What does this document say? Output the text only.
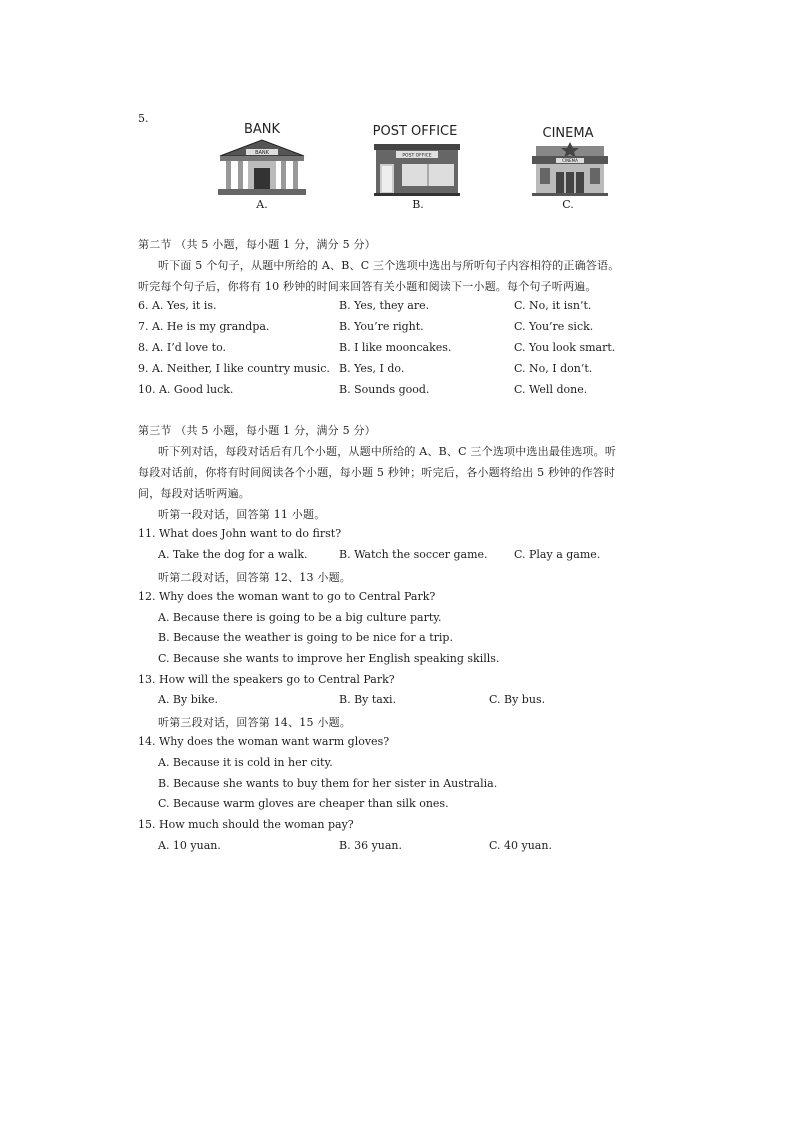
5.
BANK
BANK
A.
POST OFFICE
POST OFFICE
B.
CINEMA
CINEMA
C.
第二节 （共 5 小题，每小题 1 分，满分 5 分）
听下面 5 个句子，从题中所给的 A、B、C 三个选项中选出与所听句子内容相符的正确答语。
听完每个句子后，你将有 10 秒钟的时间来回答有关小题和阅读下一小题。每个句子听两遍。
6. A. Yes, it is.	B. Yes, they are.	C. No, it isn’t.
7. A. He is my grandpa.	B. You’re right.	C. You’re sick.
8. A. I’d love to.	B. I like mooncakes.	C. You look smart.
9. A. Neither, I like country music. B. Yes, I do.	C. No, I don’t.
10. A. Good luck.	B. Sounds good.	C. Well done.
第三节 （共 5 小题，每小题 1 分，满分 5 分）
听下列对话，每段对话后有几个小题，从题中所给的 A、B、C 三个选项中选出最佳选项。听
每段对话前，你将有时间阅读各个小题，每小题 5 秒钟；听完后，各小题将给出 5 秒钟的作答时
间，每段对话听两遍。
听第一段对话，回答第 11 小题。
11. What does John want to do first?
A. Take the dog for a walk.	B. Watch the soccer game. C. Play a game.
听第二段对话，回答第 12、13 小题。
12. Why does the woman want to go to Central Park?
A. Because there is going to be a big culture party.
B. Because the weather is going to be nice for a trip.
C. Because she wants to improve her English speaking skills.
13. How will the speakers go to Central Park?
A. By bike.	B. By taxi.	C. By bus.
听第三段对话，回答第 14、15 小题。
14. Why does the woman want warm gloves?
A. Because it is cold in her city.
B. Because she wants to buy them for her sister in Australia.
C. Because warm gloves are cheaper than silk ones.
15. How much should the woman pay?
A. 10 yuan.	B. 36 yuan.	C. 40 yuan.
